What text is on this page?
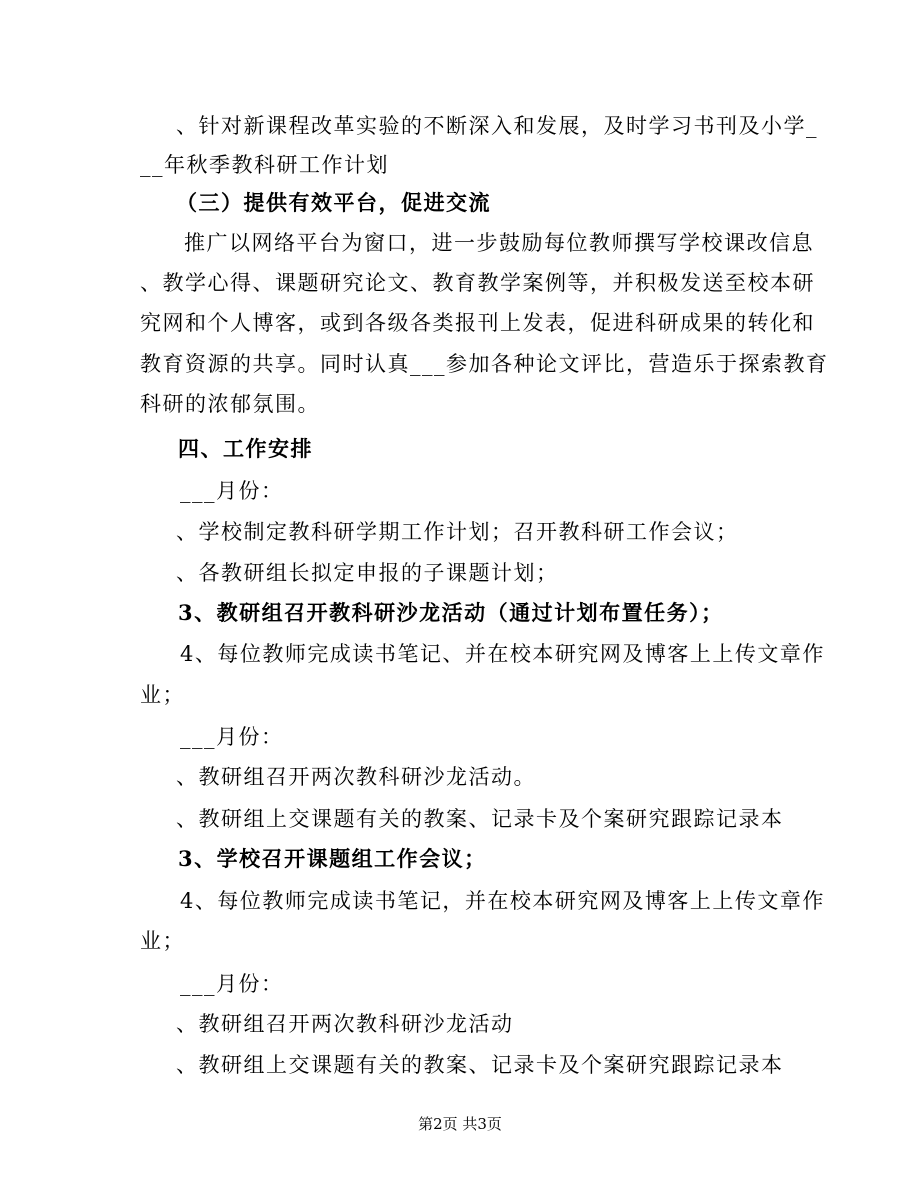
、针对新课程改革实验的不断深入和发展，及时学习书刊及小学_
__年秋季教科研工作计划
（三）提供有效平台，促进交流
推广以网络平台为窗口，进一步鼓励每位教师撰写学校课改信息
、教学心得、课题研究论文、教育教学案例等，并积极发送至校本研
究网和个人博客，或到各级各类报刊上发表，促进科研成果的转化和
教育资源的共享。同时认真___参加各种论文评比，营造乐于探索教育
科研的浓郁氛围。
四、工作安排
___月份：
、学校制定教科研学期工作计划；召开教科研工作会议；
、各教研组长拟定申报的子课题计划；
3、教研组召开教科研沙龙活动（通过计划布置任务）；
4、每位教师完成读书笔记、并在校本研究网及博客上上传文章作
业；
___月份：
、教研组召开两次教科研沙龙活动。
、教研组上交课题有关的教案、记录卡及个案研究跟踪记录本
3、学校召开课题组工作会议；
4、每位教师完成读书笔记，并在校本研究网及博客上上传文章作
业；
___月份：
、教研组召开两次教科研沙龙活动
、教研组上交课题有关的教案、记录卡及个案研究跟踪记录本
第2页 共3页
